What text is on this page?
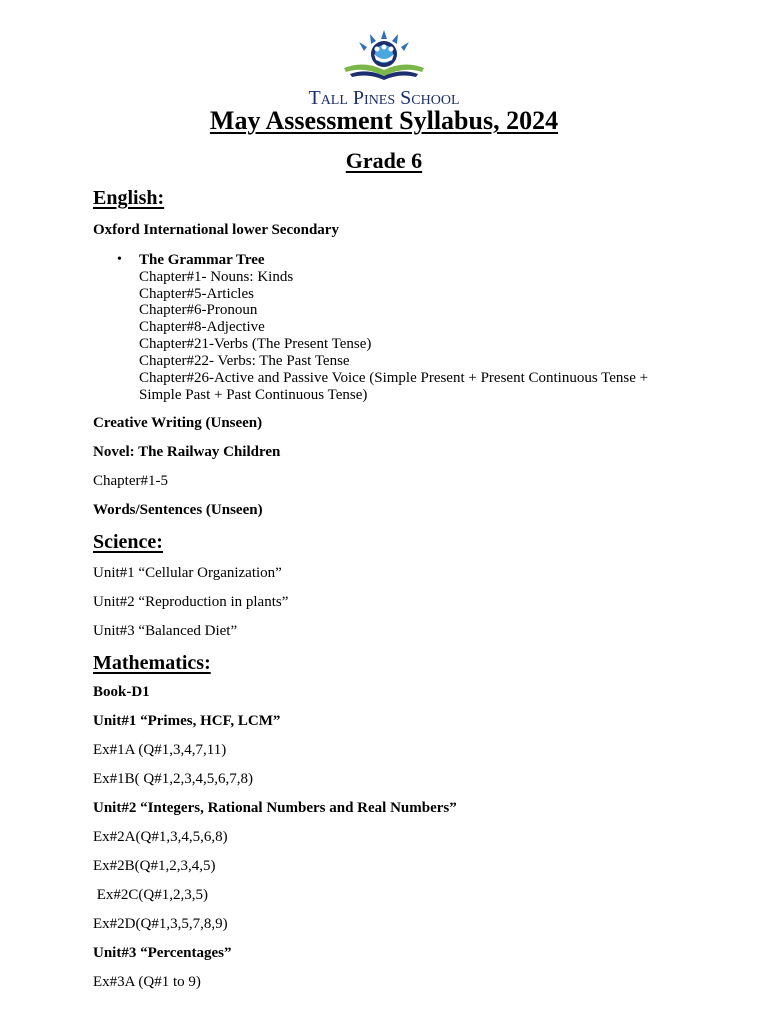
Tall Pines School
May Assessment Syllabus, 2024
Grade 6
English:
Oxford International lower Secondary
• The Grammar Tree
Chapter#1- Nouns: Kinds
Chapter#5-Articles
Chapter#6-Pronoun
Chapter#8-Adjective
Chapter#21-Verbs (The Present Tense)
Chapter#22- Verbs: The Past Tense
Chapter#26-Active and Passive Voice (Simple Present + Present Continuous Tense +
Simple Past + Past Continuous Tense)
Creative Writing (Unseen)
Novel: The Railway Children
Chapter#1-5
Words/Sentences (Unseen)
Science:
Unit#1 “Cellular Organization”
Unit#2 “Reproduction in plants”
Unit#3 “Balanced Diet”
Mathematics:
Book-D1
Unit#1 “Primes, HCF, LCM”
Ex#1A (Q#1,3,4,7,11)
Ex#1B( Q#1,2,3,4,5,6,7,8)
Unit#2 “Integers, Rational Numbers and Real Numbers”
Ex#2A(Q#1,3,4,5,6,8)
Ex#2B(Q#1,2,3,4,5)
Ex#2C(Q#1,2,3,5)
Ex#2D(Q#1,3,5,7,8,9)
Unit#3 “Percentages”
Ex#3A (Q#1 to 9)
